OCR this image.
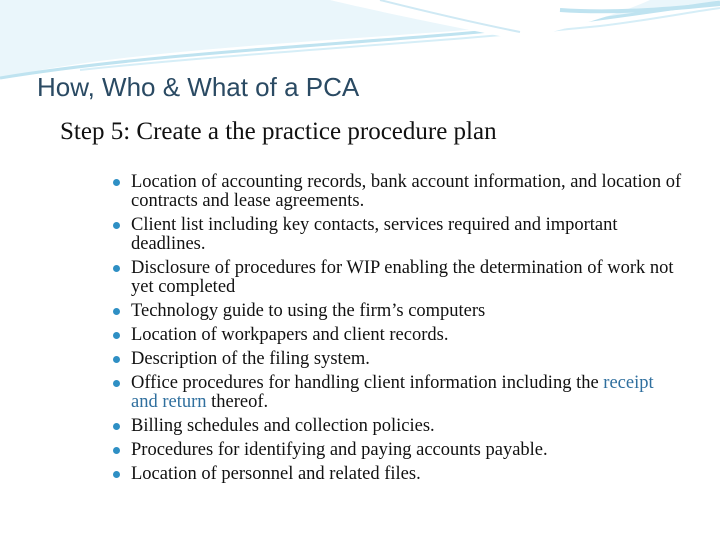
How, Who & What of a PCA
Step 5: Create a the practice procedure plan
Location of accounting records, bank account information, and location of contracts and lease agreements.
Client list including key contacts, services required and important deadlines.
Disclosure of procedures for WIP enabling the determination of work not yet completed
Technology guide to using the firm’s computers
Location of workpapers and client records.
Description of the filing system.
Office procedures for handling client information including the receipt and return thereof.
Billing schedules and collection policies.
Procedures for identifying and paying accounts payable.
Location of personnel and related files.
